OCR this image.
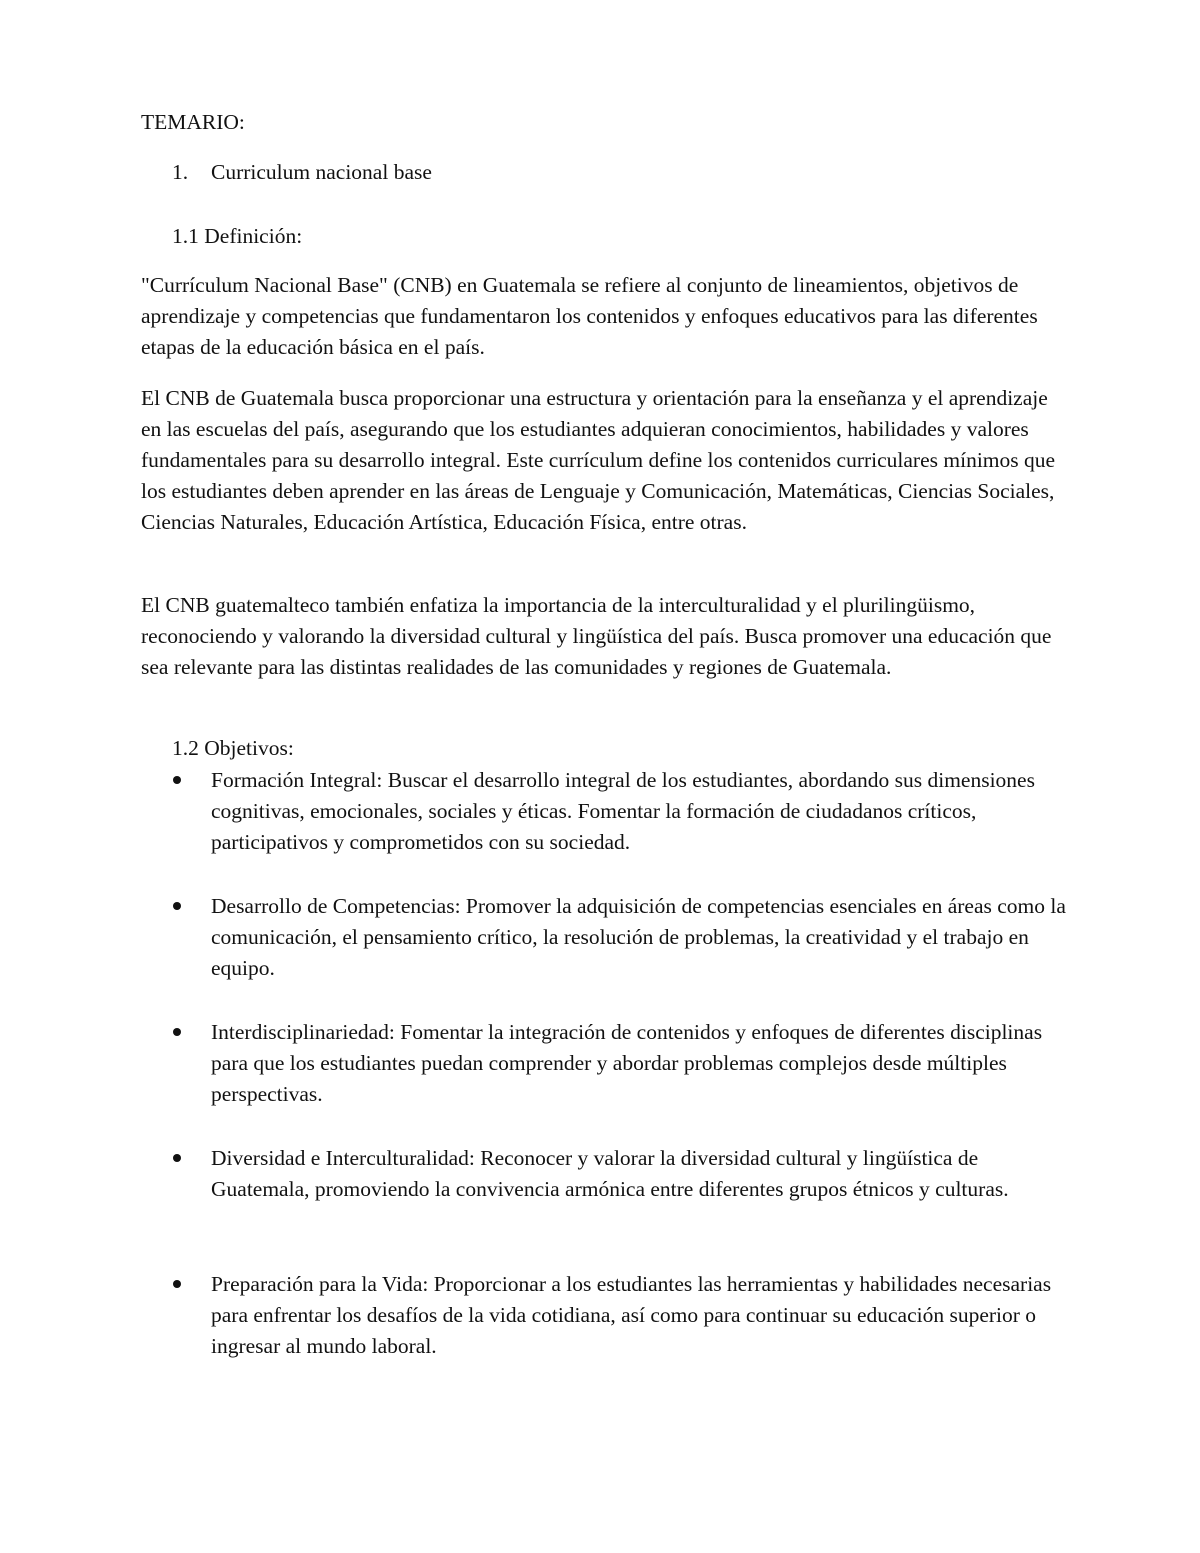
TEMARIO:
1. Curriculum nacional base
1.1 Definición:
"Currículum Nacional Base" (CNB) en Guatemala se refiere al conjunto de lineamientos, objetivos de aprendizaje y competencias que fundamentaron los contenidos y enfoques educativos para las diferentes etapas de la educación básica en el país.
El CNB de Guatemala busca proporcionar una estructura y orientación para la enseñanza y el aprendizaje en las escuelas del país, asegurando que los estudiantes adquieran conocimientos, habilidades y valores fundamentales para su desarrollo integral. Este currículum define los contenidos curriculares mínimos que los estudiantes deben aprender en las áreas de Lenguaje y Comunicación, Matemáticas, Ciencias Sociales, Ciencias Naturales, Educación Artística, Educación Física, entre otras.
El CNB guatemalteco también enfatiza la importancia de la interculturalidad y el plurilingüismo, reconociendo y valorando la diversidad cultural y lingüística del país. Busca promover una educación que sea relevante para las distintas realidades de las comunidades y regiones de Guatemala.
1.2 Objetivos:
Formación Integral: Buscar el desarrollo integral de los estudiantes, abordando sus dimensiones cognitivas, emocionales, sociales y éticas. Fomentar la formación de ciudadanos críticos, participativos y comprometidos con su sociedad.
Desarrollo de Competencias: Promover la adquisición de competencias esenciales en áreas como la comunicación, el pensamiento crítico, la resolución de problemas, la creatividad y el trabajo en equipo.
Interdisciplinariedad: Fomentar la integración de contenidos y enfoques de diferentes disciplinas para que los estudiantes puedan comprender y abordar problemas complejos desde múltiples perspectivas.
Diversidad e Interculturalidad: Reconocer y valorar la diversidad cultural y lingüística de Guatemala, promoviendo la convivencia armónica entre diferentes grupos étnicos y culturas.
Preparación para la Vida: Proporcionar a los estudiantes las herramientas y habilidades necesarias para enfrentar los desafíos de la vida cotidiana, así como para continuar su educación superior o ingresar al mundo laboral.
